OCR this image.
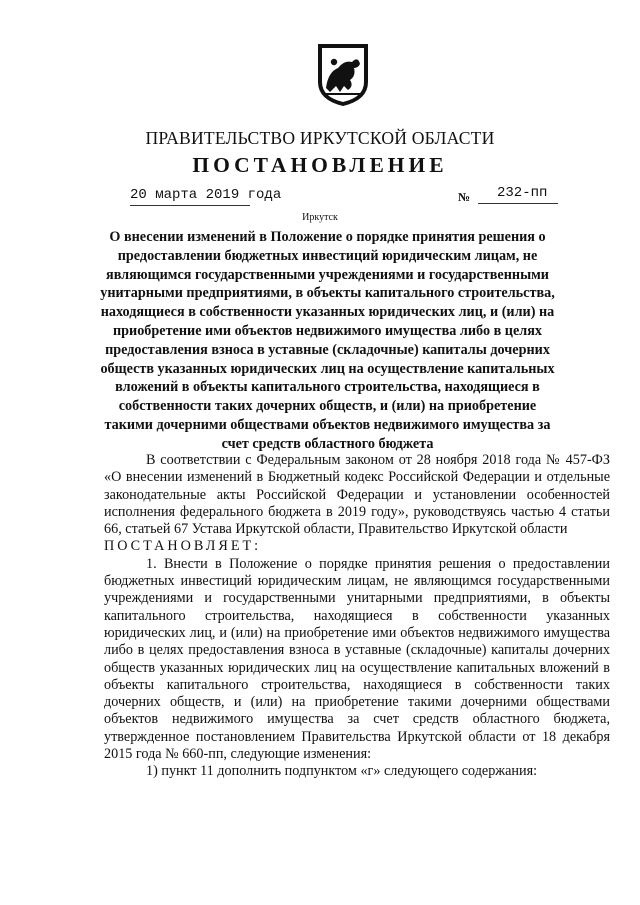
ПРАВИТЕЛЬСТВО ИРКУТСКОЙ ОБЛАСТИ
ПОСТАНОВЛЕНИЕ
20 марта 2019 года	№ 232-пп
Иркутск
О внесении изменений в Положение о порядке принятия решения о предоставлении бюджетных инвестиций юридическим лицам, не являющимся государственными учреждениями и государственными унитарными предприятиями, в объекты капитального строительства, находящиеся в собственности указанных юридических лиц, и (или) на приобретение ими объектов недвижимого имущества либо в целях предоставления взноса в уставные (складочные) капиталы дочерних обществ указанных юридических лиц на осуществление капитальных вложений в объекты капитального строительства, находящиеся в собственности таких дочерних обществ, и (или) на приобретение такими дочерними обществами объектов недвижимого имущества за счет средств областного бюджета

В соответствии с Федеральным законом от 28 ноября 2018 года № 457-ФЗ «О внесении изменений в Бюджетный кодекс Российской Федерации и отдельные законодательные акты Российской Федерации и установлении особенностей исполнения федерального бюджета в 2019 году», руководствуясь частью 4 статьи 66, статьей 67 Устава Иркутской области, Правительство Иркутской области

ПОСТАНОВЛЯЕТ:

1. Внести в Положение о порядке принятия решения о предоставлении бюджетных инвестиций юридическим лицам, не являющимся государственными учреждениями и государственными унитарными предприятиями, в объекты капитального строительства, находящиеся в собственности указанных юридических лиц, и (или) на приобретение ими объектов недвижимого имущества либо в целях предоставления взноса в уставные (складочные) капиталы дочерних обществ указанных юридических лиц на осуществление капитальных вложений в объекты капитального строительства, находящиеся в собственности таких дочерних обществ, и (или) на приобретение такими дочерними обществами объектов недвижимого имущества за счет средств областного бюджета, утвержденное постановлением Правительства Иркутской области от 18 декабря 2015 года № 660-пп, следующие изменения:

1) пункт 11 дополнить подпунктом «г» следующего содержания:
